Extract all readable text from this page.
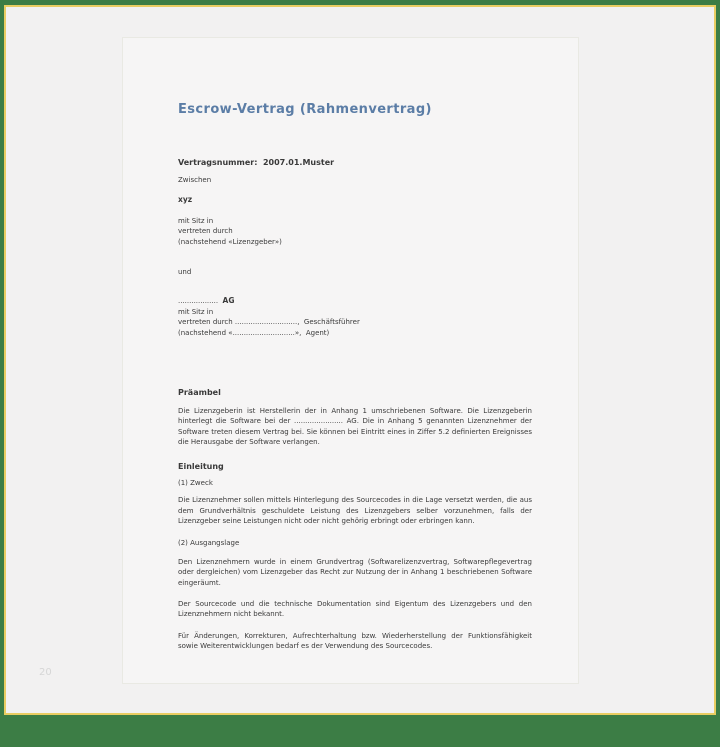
Escrow-Vertrag (Rahmenvertrag)

Vertragsnummer:  2007.01.Muster

Zwischen
xyz
mit Sitz in
vertreten durch
(nachstehend «Lizenzgeber»)
und
..................  AG
mit Sitz in
vertreten durch ............................,  Geschäftsführer
(nachstehend «............................»,  Agent)
Präambel

Die Lizenzgeberin ist Herstellerin der in Anhang 1 umschriebenen Software. Die Lizenzgeberin hinterlegt die Software bei der ...................... AG. Die in Anhang 5 genannten Lizenznehmer der Software treten diesem Vertrag bei. Sie können bei Eintritt eines in Ziffer 5.2 definierten Ereignisses die Herausgabe der Software verlangen.

Einleitung
(1) Zweck

Die Lizenznehmer sollen mittels Hinterlegung des Sourcecodes in die Lage versetzt werden, die aus dem Grundverhältnis geschuldete Leistung des Lizenzgebers selber vorzunehmen, falls der Lizenzgeber seine Leistungen nicht oder nicht gehörig erbringt oder erbringen kann.

(2) Ausgangslage

Den Lizenznehmern wurde in einem Grundvertrag (Softwarelizenzvertrag, Softwarepflegevertrag oder dergleichen) vom Lizenzgeber das Recht zur Nutzung der in Anhang 1 beschriebenen Software eingeräumt.

Der Sourcecode und die technische Dokumentation sind Eigentum des Lizenzgebers und den Lizenznehmern nicht bekannt.

Für Änderungen, Korrekturen, Aufrechterhaltung bzw. Wiederherstellung der Funktionsfähigkeit sowie Weiterentwicklungen bedarf es der Verwendung des Sourcecodes.

20
